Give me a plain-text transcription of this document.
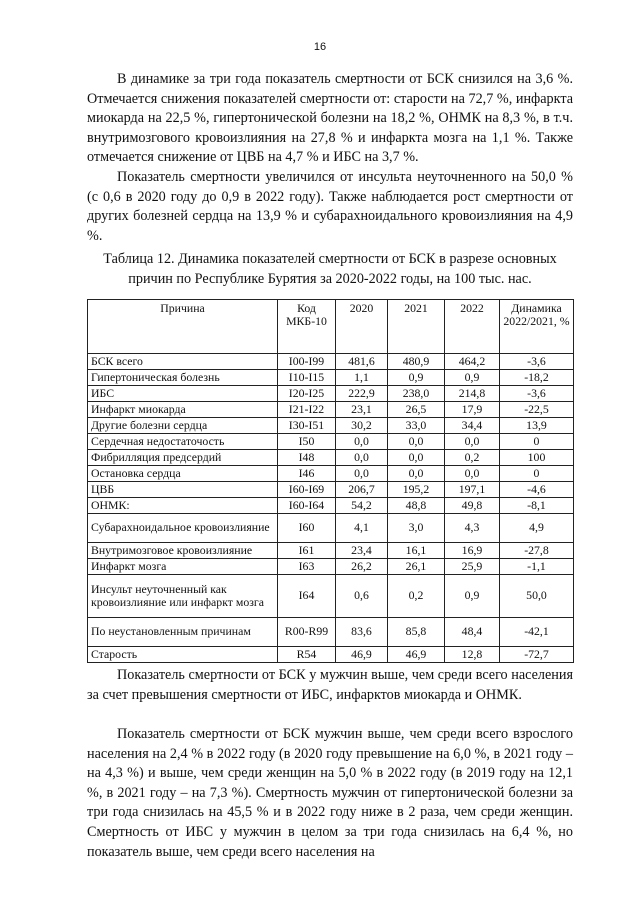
16

В динамике за три года показатель смертности от БСК снизился на 3,6 %. Отмечается снижения показателей смертности от: старости на 72,7 %, инфаркта миокарда на 22,5 %, гипертонической болезни на 18,2 %, ОНМК на 8,3 %, в т.ч. внутримозгового кровоизлияния на 27,8 % и инфаркта мозга на 1,1 %. Также отмечается снижение от ЦВБ на 4,7 % и ИБС на 3,7 %.

Показатель смертности увеличился от инсульта неуточненного на 50,0 % (с 0,6 в 2020 году до 0,9 в 2022 году). Также наблюдается рост смертности от других болезней сердца на 13,9 % и субарахноидального кровоизлияния на 4,9 %.

Таблица 12. Динамика показателей смертности от БСК в разрезе основных причин по Республике Бурятия за 2020-2022 годы, на 100 тыс. нас.

Причина	Код МКБ-10	2020	2021	2022	Динамика 2022/2021, %
БСК всего	I00-I99	481,6	480,9	464,2	-3,6
Гипертоническая болезнь	I10-I15	1,1	0,9	0,9	-18,2
ИБС	I20-I25	222,9	238,0	214,8	-3,6
Инфаркт миокарда	I21-I22	23,1	26,5	17,9	-22,5
Другие болезни сердца	I30-I51	30,2	33,0	34,4	13,9
Сердечная недостаточость	I50	0,0	0,0	0,0	0
Фибрилляция предсердий	I48	0,0	0,0	0,2	100
Остановка сердца	I46	0,0	0,0	0,0	0
ЦВБ	I60-I69	206,7	195,2	197,1	-4,6
ОНМК:	I60-I64	54,2	48,8	49,8	-8,1
Субарахноидальное кровоизлияние	I60	4,1	3,0	4,3	4,9
Внутримозговое кровоизлияние	I61	23,4	16,1	16,9	-27,8
Инфаркт мозга	I63	26,2	26,1	25,9	-1,1
Инсульт неуточненный как кровоизлияние или инфаркт мозга	I64	0,6	0,2	0,9	50,0
По неустановленным причинам	R00-R99	83,6	85,8	48,4	-42,1
Старость	R54	46,9	46,9	12,8	-72,7

Показатель смертности от БСК у мужчин выше, чем среди всего населения за счет превышения смертности от ИБС, инфарктов миокарда и ОНМК.

Показатель смертности от БСК мужчин выше, чем среди всего взрослого населения на 2,4 % в 2022 году (в 2020 году превышение на 6,0 %, в 2021 году – на 4,3 %) и выше, чем среди женщин на 5,0 % в 2022 году (в 2019 году на 12,1 %, в 2021 году – на 7,3 %). Смертность мужчин от гипертонической болезни за три года снизилась на 45,5 % и в 2022 году ниже в 2 раза, чем среди женщин. Смертность от ИБС у мужчин в целом за три года снизилась на 6,4 %, но показатель выше, чем среди всего населения на
